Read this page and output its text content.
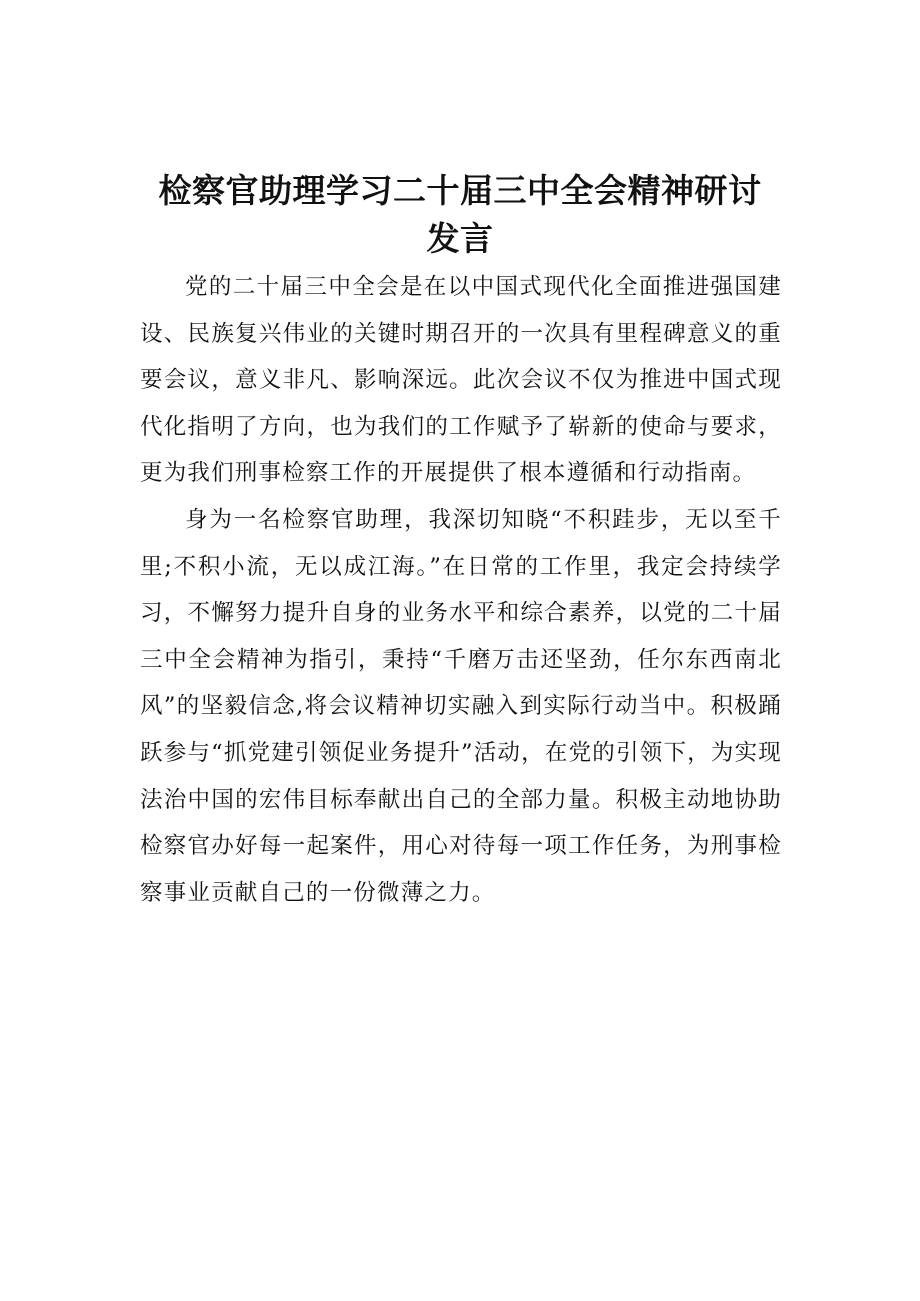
检察官助理学习二十届三中全会精神研讨
发言

党的二十届三中全会是在以中国式现代化全面推进强国建设、民族复兴伟业的关键时期召开的一次具有里程碑意义的重要会议，意义非凡、影响深远。此次会议不仅为推进中国式现代化指明了方向，也为我们的工作赋予了崭新的使命与要求，更为我们刑事检察工作的开展提供了根本遵循和行动指南。

身为一名检察官助理，我深切知晓“不积跬步，无以至千里;不积小流，无以成江海。”在日常的工作里，我定会持续学习，不懈努力提升自身的业务水平和综合素养，以党的二十届三中全会精神为指引，秉持“千磨万击还坚劲，任尔东西南北风”的坚毅信念,将会议精神切实融入到实际行动当中。积极踊跃参与“抓党建引领促业务提升”活动，在党的引领下，为实现法治中国的宏伟目标奉献出自己的全部力量。积极主动地协助检察官办好每一起案件，用心对待每一项工作任务，为刑事检察事业贡献自己的一份微薄之力。
